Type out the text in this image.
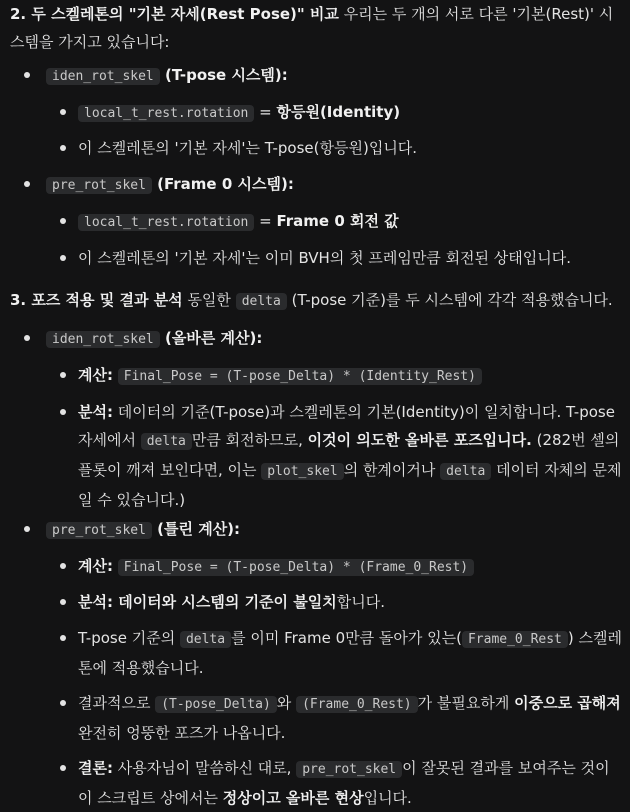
2. 두 스켈레톤의 "기본 자세(Rest Pose)" 비교 우리는 두 개의 서로 다른 '기본(Rest)' 시스템을 가지고 있습니다:
iden_rot_skel (T-pose 시스템):
local_t_rest.rotation = 항등원(Identity)
이 스켈레톤의 '기본 자세'는 T-pose(항등원)입니다.
pre_rot_skel (Frame 0 시스템):
local_t_rest.rotation = Frame 0 회전 값
이 스켈레톤의 '기본 자세'는 이미 BVH의 첫 프레임만큼 회전된 상태입니다.
3. 포즈 적용 및 결과 분석 동일한 delta (T-pose 기준)를 두 시스템에 각각 적용했습니다.
iden_rot_skel (올바른 계산):
계산: Final_Pose = (T-pose_Delta) * (Identity_Rest)
분석: 데이터의 기준(T-pose)과 스켈레톤의 기본(Identity)이 일치합니다. T-pose 자세에서 delta 만큼 회전하므로, 이것이 의도한 올바른 포즈입니다. (282번 셀의 플롯이 깨져 보인다면, 이는 plot_skel 의 한계이거나 delta 데이터 자체의 문제일 수 있습니다.)
pre_rot_skel (틀린 계산):
계산: Final_Pose = (T-pose_Delta) * (Frame_0_Rest)
분석: 데이터와 시스템의 기준이 불일치합니다.
T-pose 기준의 delta 를 이미 Frame 0만큼 돌아가 있는( Frame_0_Rest ) 스켈레톤에 적용했습니다.
결과적으로 (T-pose_Delta) 와 (Frame_0_Rest) 가 불필요하게 이중으로 곱해져 완전히 엉뚱한 포즈가 나옵니다.
결론: 사용자님이 말씀하신 대로, pre_rot_skel 이 잘못된 결과를 보여주는 것이 이 스크립트 상에서는 정상이고 올바른 현상입니다.
